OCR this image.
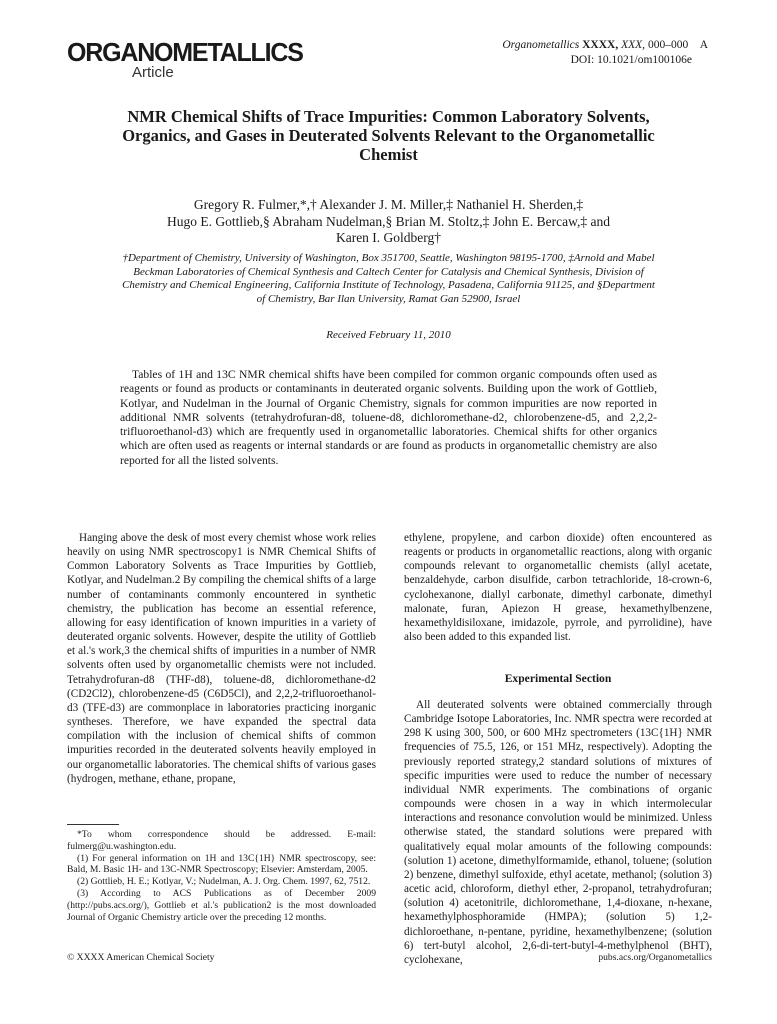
ORGANOMETALLICS
Article
Organometallics XXXX, XXX, 000–000 A
DOI: 10.1021/om100106e
NMR Chemical Shifts of Trace Impurities: Common Laboratory Solvents, Organics, and Gases in Deuterated Solvents Relevant to the Organometallic Chemist
Gregory R. Fulmer,*,† Alexander J. M. Miller,‡ Nathaniel H. Sherden,‡
Hugo E. Gottlieb,§ Abraham Nudelman,§ Brian M. Stoltz,‡ John E. Bercaw,‡ and
Karen I. Goldberg†
†Department of Chemistry, University of Washington, Box 351700, Seattle, Washington 98195-1700, ‡Arnold and Mabel Beckman Laboratories of Chemical Synthesis and Caltech Center for Catalysis and Chemical Synthesis, Division of Chemistry and Chemical Engineering, California Institute of Technology, Pasadena, California 91125, and §Department of Chemistry, Bar Ilan University, Ramat Gan 52900, Israel
Received February 11, 2010

Tables of 1H and 13C NMR chemical shifts have been compiled for common organic compounds often used as reagents or found as products or contaminants in deuterated organic solvents. Building upon the work of Gottlieb, Kotlyar, and Nudelman in the Journal of Organic Chemistry, signals for common impurities are now reported in additional NMR solvents (tetrahydrofuran-d8, toluene-d8, dichloromethane-d2, chlorobenzene-d5, and 2,2,2-trifluoroethanol-d3) which are frequently used in organometallic laboratories. Chemical shifts for other organics which are often used as reagents or internal standards or are found as products in organometallic chemistry are also reported for all the listed solvents.

Hanging above the desk of most every chemist whose work relies heavily on using NMR spectroscopy1 is NMR Chemical Shifts of Common Laboratory Solvents as Trace Impurities by Gottlieb, Kotlyar, and Nudelman.2 By compiling the chemical shifts of a large number of contaminants commonly encountered in synthetic chemistry, the publication has become an essential reference, allowing for easy identification of known impurities in a variety of deuterated organic solvents. However, despite the utility of Gottlieb et al.'s work,3 the chemical shifts of impurities in a number of NMR solvents often used by organometallic chemists were not included. Tetrahydrofuran-d8 (THF-d8), toluene-d8, dichloromethane-d2 (CD2Cl2), chlorobenzene-d5 (C6D5Cl), and 2,2,2-trifluoroethanol-d3 (TFE-d3) are commonplace in laboratories practicing inorganic syntheses. Therefore, we have expanded the spectral data compilation with the inclusion of chemical shifts of common impurities recorded in the deuterated solvents heavily employed in our organometallic laboratories. The chemical shifts of various gases (hydrogen, methane, ethane, propane,

ethylene, propylene, and carbon dioxide) often encountered as reagents or products in organometallic reactions, along with organic compounds relevant to organometallic chemists (allyl acetate, benzaldehyde, carbon disulfide, carbon tetrachloride, 18-crown-6, cyclohexanone, diallyl carbonate, dimethyl carbonate, dimethyl malonate, furan, Apiezon H grease, hexamethylbenzene, hexamethyldisiloxane, imidazole, pyrrole, and pyrrolidine), have also been added to this expanded list.

Experimental Section

All deuterated solvents were obtained commercially through Cambridge Isotope Laboratories, Inc. NMR spectra were recorded at 298 K using 300, 500, or 600 MHz spectrometers (13C{1H} NMR frequencies of 75.5, 126, or 151 MHz, respectively). Adopting the previously reported strategy,2 standard solutions of mixtures of specific impurities were used to reduce the number of necessary individual NMR experiments. The combinations of organic compounds were chosen in a way in which intermolecular interactions and resonance convolution would be minimized. Unless otherwise stated, the standard solutions were prepared with qualitatively equal molar amounts of the following compounds: (solution 1) acetone, dimethylformamide, ethanol, toluene; (solution 2) benzene, dimethyl sulfoxide, ethyl acetate, methanol; (solution 3) acetic acid, chloroform, diethyl ether, 2-propanol, tetrahydrofuran; (solution 4) acetonitrile, dichloromethane, 1,4-dioxane, n-hexane, hexamethylphosphoramide (HMPA); (solution 5) 1,2-dichloroethane, n-pentane, pyridine, hexamethylbenzene; (solution 6) tert-butyl alcohol, 2,6-di-tert-butyl-4-methylphenol (BHT), cyclohexane,

*To whom correspondence should be addressed. E-mail: fulmerg@u.washington.edu.

(1) For general information on 1H and 13C{1H} NMR spectroscopy, see: Bald, M. Basic 1H- and 13C-NMR Spectroscopy; Elsevier: Amsterdam, 2005.

(2) Gottlieb, H. E.; Kotlyar, V.; Nudelman, A. J. Org. Chem. 1997, 62, 7512.

(3) According to ACS Publications as of December 2009 (http://pubs.acs.org/), Gottlieb et al.'s publication2 is the most downloaded Journal of Organic Chemistry article over the preceding 12 months.

© XXXX American Chemical Society	pubs.acs.org/Organometallics
